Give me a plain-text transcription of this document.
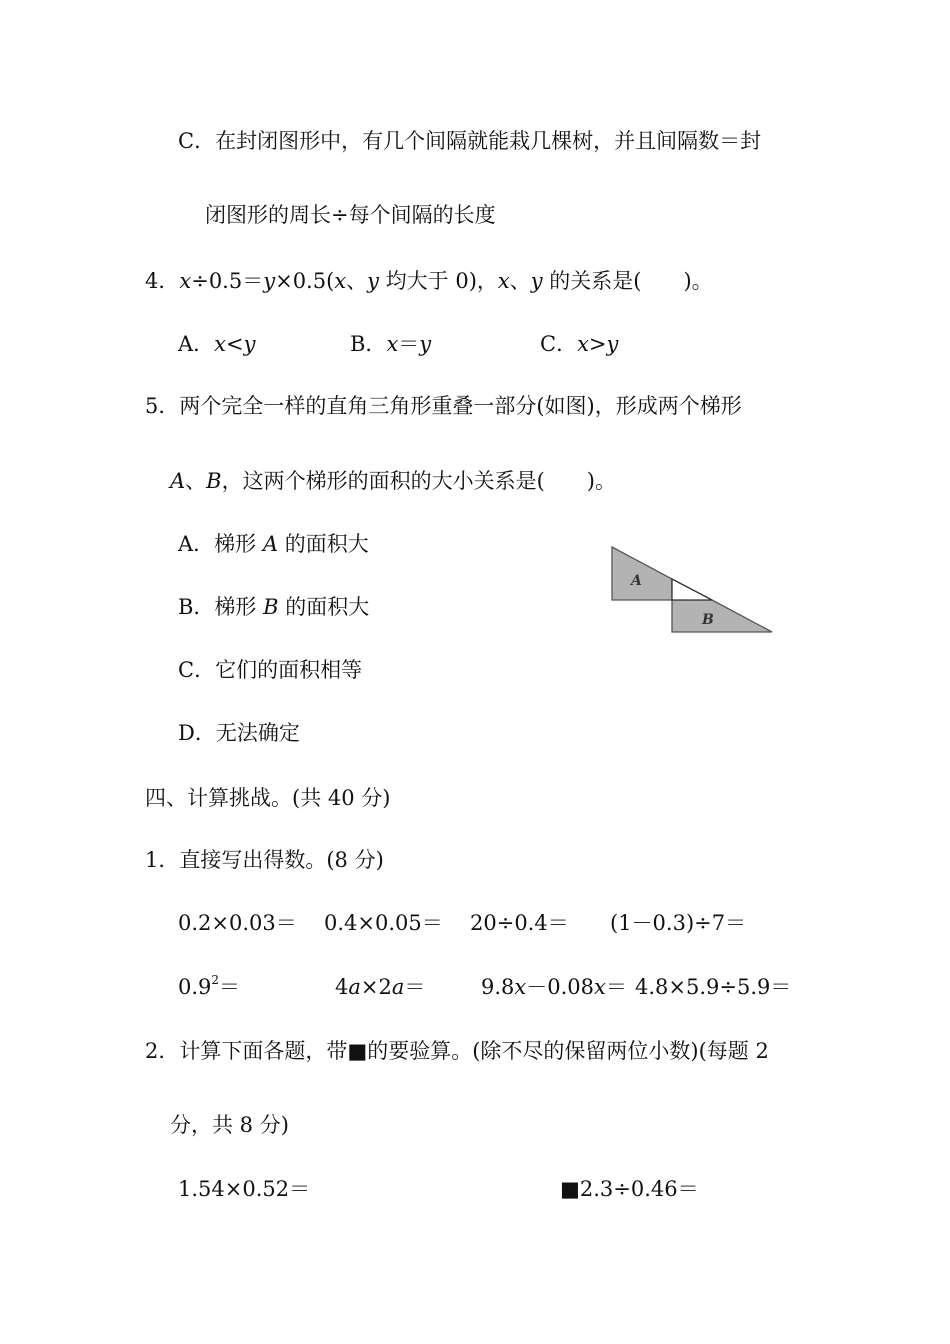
C．在封闭图形中，有几个间隔就能栽几棵树，并且间隔数＝封
闭图形的周长÷每个间隔的长度
4．x÷0.5＝y×0.5(x、y 均大于 0)，x、y 的关系是(　　)。
A．x<y	B．x＝y	C．x>y
5．两个完全一样的直角三角形重叠一部分(如图)，形成两个梯形
A、B，这两个梯形的面积的大小关系是(　　)。
A．梯形 A 的面积大
B．梯形 B 的面积大
C．它们的面积相等
D．无法确定
A
B
四、计算挑战。(共 40 分)
1．直接写出得数。(8 分)
0.2×0.03＝ 0.4×0.05＝ 20÷0.4＝ (1－0.3)÷7＝
$0.9^2=$	4a×2a＝	9.8x－0.08x＝ 4.8×5.9÷5.9＝
2．计算下面各题，带■的要验算。(除不尽的保留两位小数)(每题 2
分，共 8 分)
1.54×0.52＝	■2.3÷0.46＝
